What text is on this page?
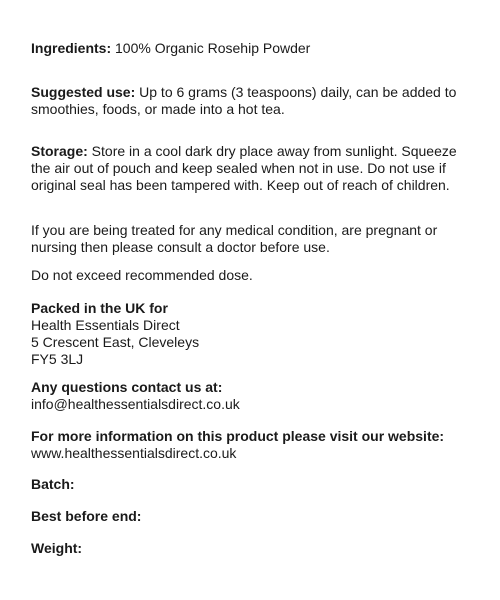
Ingredients: 100% Organic Rosehip Powder

Suggested use: Up to 6 grams (3 teaspoons) daily, can be added to smoothies, foods, or made into a hot tea.

Storage: Store in a cool dark dry place away from sunlight. Squeeze the air out of pouch and keep sealed when not in use. Do not use if original seal has been tampered with. Keep out of reach of children.

If you are being treated for any medical condition, are pregnant or nursing then please consult a doctor before use.

Do not exceed recommended dose.

Packed in the UK for
Health Essentials Direct
5 Crescent East, Cleveleys
FY5 3LJ
Any questions contact us at:
info@healthessentialsdirect.co.uk
For more information on this product please visit our website:
www.healthessentialsdirect.co.uk

Batch:

Best before end:

Weight:
